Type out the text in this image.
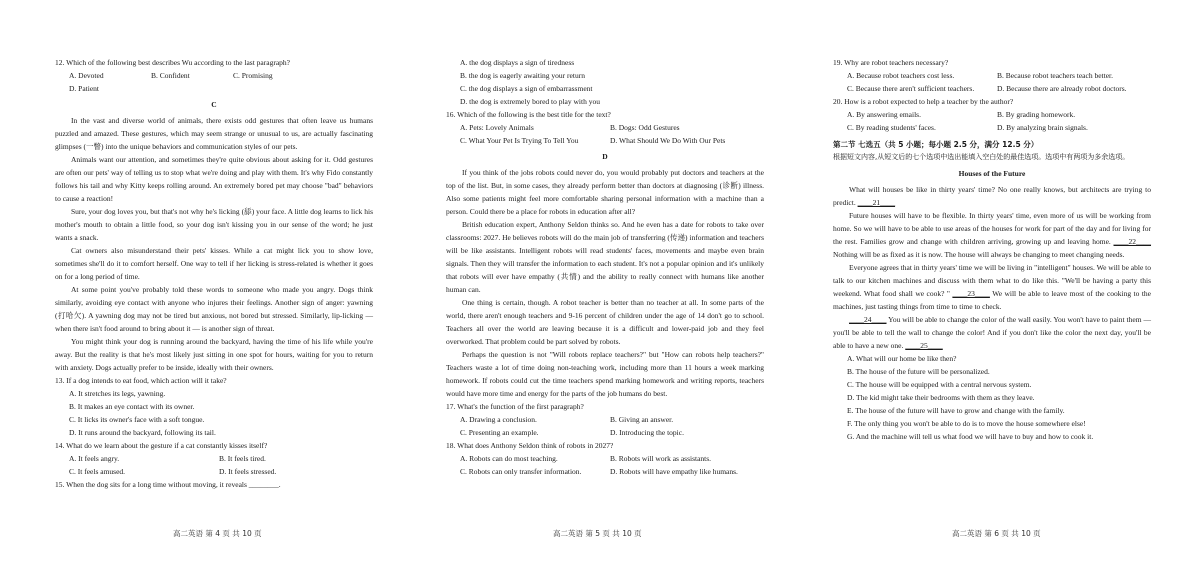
12. Which of the following best describes Wu according to the last paragraph?

A. Devoted	B. Confident	C. Promising
D. Patient

C

In the vast and diverse world of animals, there exists odd gestures that often leave us humans puzzled and amazed. These gestures, which may seem strange or unusual to us, are actually fascinating glimpses (一瞥) into the unique behaviors and communication styles of our pets.

Animals want our attention, and sometimes they're quite obvious about asking for it. Odd gestures are often our pets' way of telling us to stop what we're doing and play with them. It's why Fido constantly follows his tail and why Kitty keeps rolling around. An extremely bored pet may choose "bad" behaviors to cause a reaction!

Sure, your dog loves you, but that's not why he's licking (舔) your face. A little dog learns to lick his mother's mouth to obtain a little food, so your dog isn't kissing you in our sense of the word; he just wants a snack.

Cat owners also misunderstand their pets' kisses. While a cat might lick you to show love, sometimes she'll do it to comfort herself. One way to tell if her licking is stress-related is whether it goes on for a long period of time.

At some point you've probably told these words to someone who made you angry. Dogs think similarly, avoiding eye contact with anyone who injures their feelings. Another sign of anger: yawning (打哈欠). A yawning dog may not be tired but anxious, not bored but stressed. Similarly, lip-licking — when there isn't food around to bring about it — is another sign of threat.

You might think your dog is running around the backyard, having the time of his life while you're away. But the reality is that he's most likely just sitting in one spot for hours, waiting for you to return with anxiety. Dogs actually prefer to be inside, ideally with their owners.

13. If a dog intends to eat food, which action will it take?

A. It stretches its legs, yawning.
B. It makes an eye contact with its owner.
C. It licks its owner's face with a soft tongue.
D. It runs around the backyard, following its tail.

14. What do we learn about the gesture if a cat constantly kisses itself?

A. It feels angry.	B. It feels tired.
C. It feels amused.	D. It feels stressed.

15. When the dog sits for a long time without moving, it reveals ________.

A. the dog displays a sign of tiredness
B. the dog is eagerly awaiting your return
C. the dog displays a sign of embarrassment
D. the dog is extremely bored to play with you

16. Which of the following is the best title for the text?

A. Pets: Lovely Animals	B. Dogs: Odd Gestures
C. What Your Pet Is Trying To Tell You	D. What Should We Do With Our Pets

D

If you think of the jobs robots could never do, you would probably put doctors and teachers at the top of the list. But, in some cases, they already perform better than doctors at diagnosing (诊断) illness. Also some patients might feel more comfortable sharing personal information with a machine than a person. Could there be a place for robots in education after all?

British education expert, Anthony Seldon thinks so. And he even has a date for robots to take over classrooms: 2027. He believes robots will do the main job of transferring (传递) information and teachers will be like assistants. Intelligent robots will read students' faces, movements and maybe even brain signals. Then they will transfer the information to each student. It's not a popular opinion and it's unlikely that robots will ever have empathy (共情) and the ability to really connect with humans like another human can.

One thing is certain, though. A robot teacher is better than no teacher at all. In some parts of the world, there aren't enough teachers and 9-16 percent of children under the age of 14 don't go to school. Teachers all over the world are leaving because it is a difficult and lower-paid job and they feel overworked. That problem could be part solved by robots.

Perhaps the question is not "Will robots replace teachers?" but "How can robots help teachers?" Teachers waste a lot of time doing non-teaching work, including more than 11 hours a week marking homework. If robots could cut the time teachers spend marking homework and writing reports, teachers would have more time and energy for the parts of the job humans do best.

17. What's the function of the first paragraph?

A. Drawing a conclusion.	B. Giving an answer.
C. Presenting an example.	D. Introducing the topic.

18. What does Anthony Seldon think of robots in 2027?

A. Robots can do most teaching.	B. Robots will work as assistants.
C. Robots can only transfer information.	D. Robots will have empathy like humans.

19. Why are robot teachers necessary?

A. Because robot teachers cost less.	B. Because robot teachers teach better.
C. Because there aren't sufficient teachers.	D. Because there are already robot doctors.

20. How is a robot expected to help a teacher by the author?

A. By answering emails.	B. By grading homework.
C. By reading students' faces.	D. By analyzing brain signals.

第二节 七选五（共 5 小题；每小题 2.5 分，满分 12.5 分）

根据短文内容,从短文后的七个选项中选出能填入空白处的最佳选项。选项中有两项为多余选项。

Houses of the Future

What will houses be like in thirty years' time? No one really knows, but architects are trying to predict. ____21____

Future houses will have to be flexible. In thirty years' time, even more of us will be working from home. So we will have to be able to use areas of the houses for work for part of the day and for living for the rest. Families grow and change with children arriving, growing up and leaving home. ____22____ Nothing will be as fixed as it is now. The house will always be changing to meet changing needs.

Everyone agrees that in thirty years' time we will be living in "intelligent" houses. We will be able to talk to our kitchen machines and discuss with them what to do like this. "We'll be having a party this weekend. What food shall we cook? " ____23____ We will be able to leave most of the cooking to the machines, just tasting things from time to time to check.

____24____ You will be able to change the color of the wall easily. You won't have to paint them — you'll be able to tell the wall to change the color! And if you don't like the color the next day, you'll be able to have a new one. ____25____

A. What will our home be like then?
B. The house of the future will be personalized.
C. The house will be equipped with a central nervous system.
D. The kid might take their bedrooms with them as they leave.
E. The house of the future will have to grow and change with the family.
F. The only thing you won't be able to do is to move the house somewhere else!
G. And the machine will tell us what food we will have to buy and how to cook it.
高二英语 第 4 页 共 10 页	高二英语 第 5 页 共 10 页	高二英语 第 6 页 共 10 页
